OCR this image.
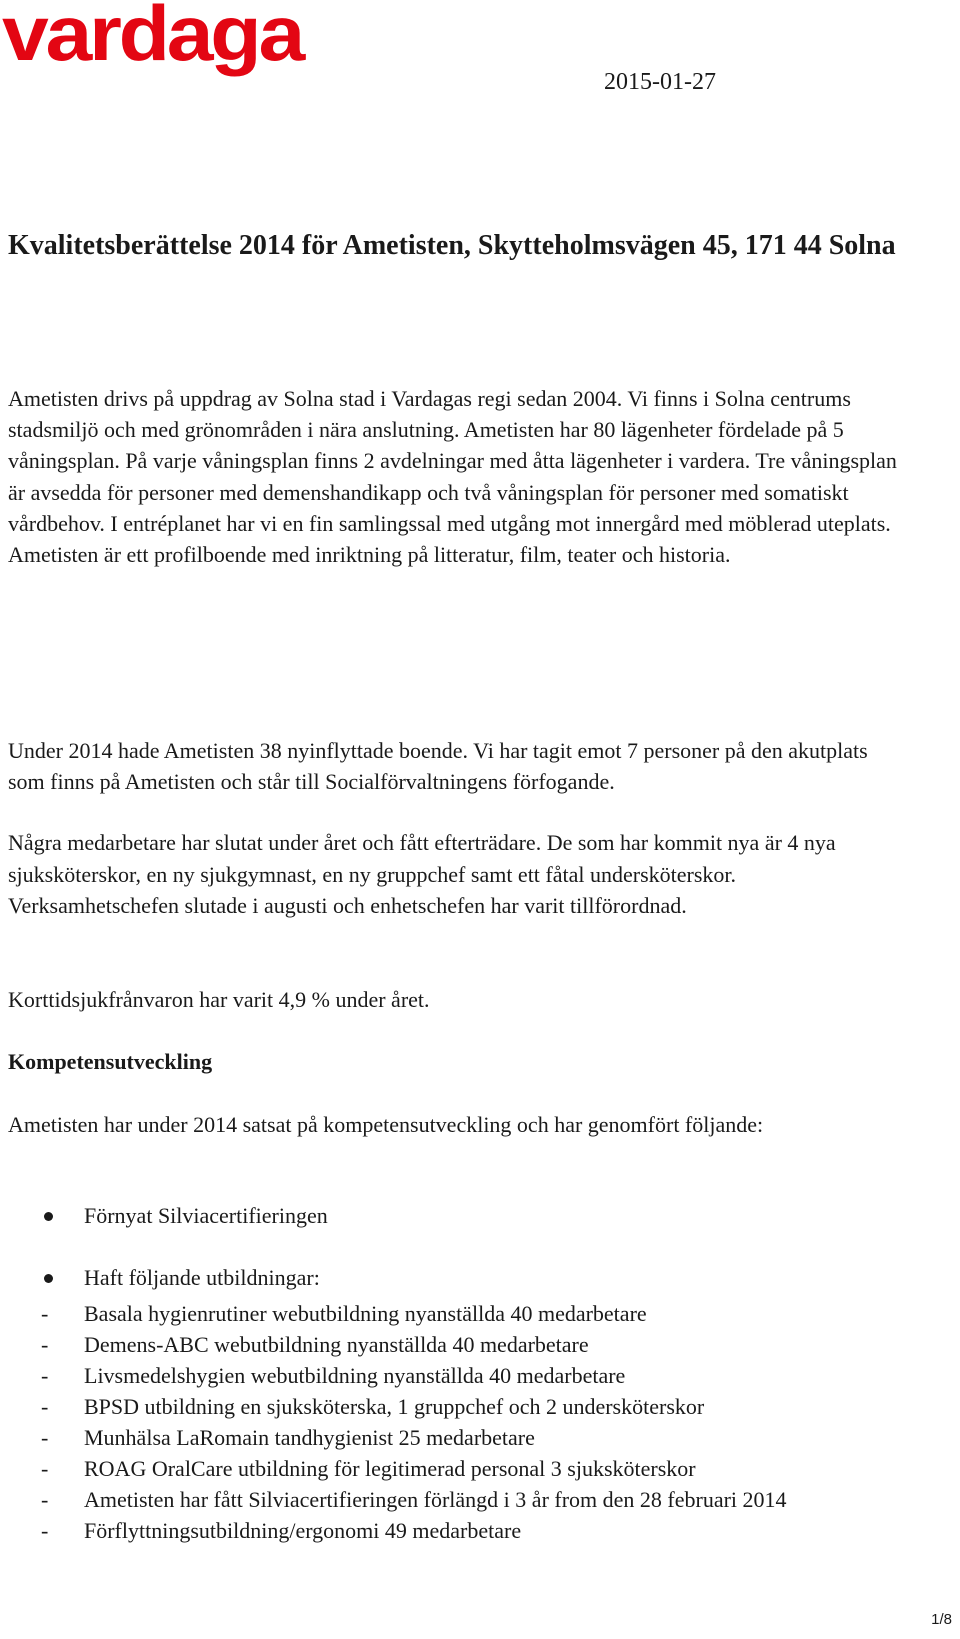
vardaga
2015-01-27
Kvalitetsberättelse 2014 för Ametisten, Skytteholmsvägen 45, 171 44 Solna

Ametisten drivs på uppdrag av Solna stad i Vardagas regi sedan 2004. Vi finns i Solna centrums stadsmiljö och med grönområden i nära anslutning. Ametisten har 80 lägenheter fördelade på 5 våningsplan. På varje våningsplan finns 2 avdelningar med åtta lägenheter i vardera. Tre våningsplan är avsedda för personer med demenshandikapp och två våningsplan för personer med somatiskt vårdbehov. I entréplanet har vi en fin samlingssal med utgång mot innergård med möblerad uteplats. Ametisten är ett profilboende med inriktning på litteratur, film, teater och historia.

Under 2014 hade Ametisten 38 nyinflyttade boende. Vi har tagit emot 7 personer på den akutplats som finns på Ametisten och står till Socialförvaltningens förfogande.

Några medarbetare har slutat under året och fått efterträdare. De som har kommit nya är 4 nya sjuksköterskor, en ny sjukgymnast, en ny gruppchef samt ett fåtal undersköterskor. Verksamhetschefen slutade i augusti och enhetschefen har varit tillförordnad.

Korttidsjukfrånvaron har varit 4,9 % under året.

Kompetensutveckling

Ametisten har under 2014 satsat på kompetensutveckling och har genomfört följande:

Förnyat Silviacertifieringen
Haft följande utbildningar:
- Basala hygienrutiner webutbildning nyanställda 40 medarbetare
- Demens-ABC webutbildning nyanställda 40 medarbetare
- Livsmedelshygien webutbildning nyanställda 40 medarbetare
- BPSD utbildning en sjuksköterska, 1 gruppchef och 2 undersköterskor
- Munhälsa LaRomain tandhygienist 25 medarbetare
- ROAG OralCare utbildning för legitimerad personal 3 sjuksköterskor
- Ametisten har fått Silviacertifieringen förlängd i 3 år from den 28 februari 2014
- Förflyttningsutbildning/ergonomi 49 medarbetare
1/8
